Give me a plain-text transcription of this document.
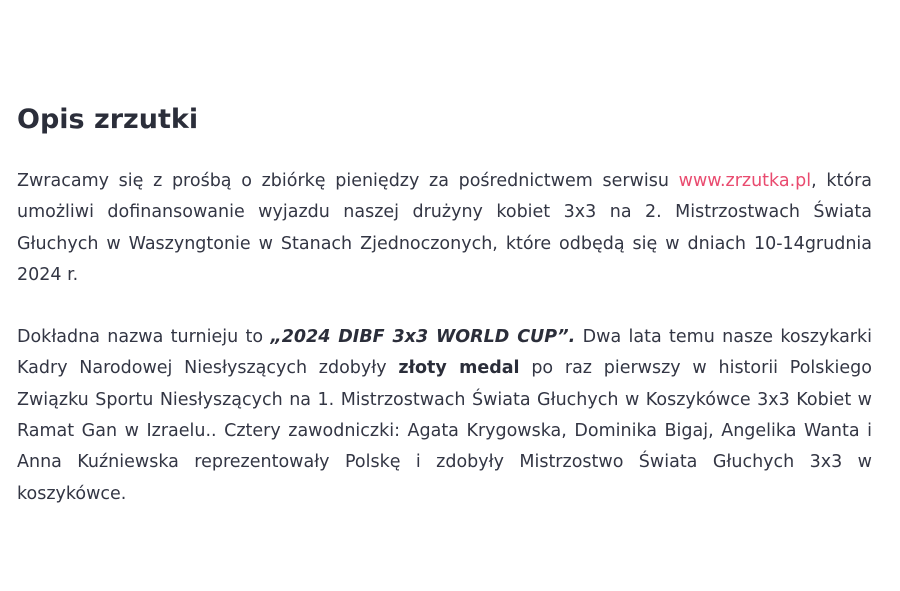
Opis zrzutki

Zwracamy się z prośbą o zbiórkę pieniędzy za pośrednictwem serwisu www.zrzutka.pl, która umożliwi dofinansowanie wyjazdu naszej drużyny kobiet 3x3 na 2. Mistrzostwach Świata Głuchych w Waszyngtonie w Stanach Zjednoczonych, które odbędą się w dniach 10-14grudnia 2024 r.

Dokładna nazwa turnieju to „2024 DIBF 3x3 WORLD CUP”. Dwa lata temu nasze koszykarki Kadry Narodowej Niesłyszących zdobyły złoty medal po raz pierwszy w historii Polskiego Związku Sportu Niesłyszących na 1. Mistrzostwach Świata Głuchych w Koszykówce 3x3 Kobiet w Ramat Gan w Izraelu.. Cztery zawodniczki: Agata Krygowska, Dominika Bigaj, Angelika Wanta i Anna Kuźniewska reprezentowały Polskę i zdobyły Mistrzostwo Świata Głuchych 3x3 w koszykówce.
